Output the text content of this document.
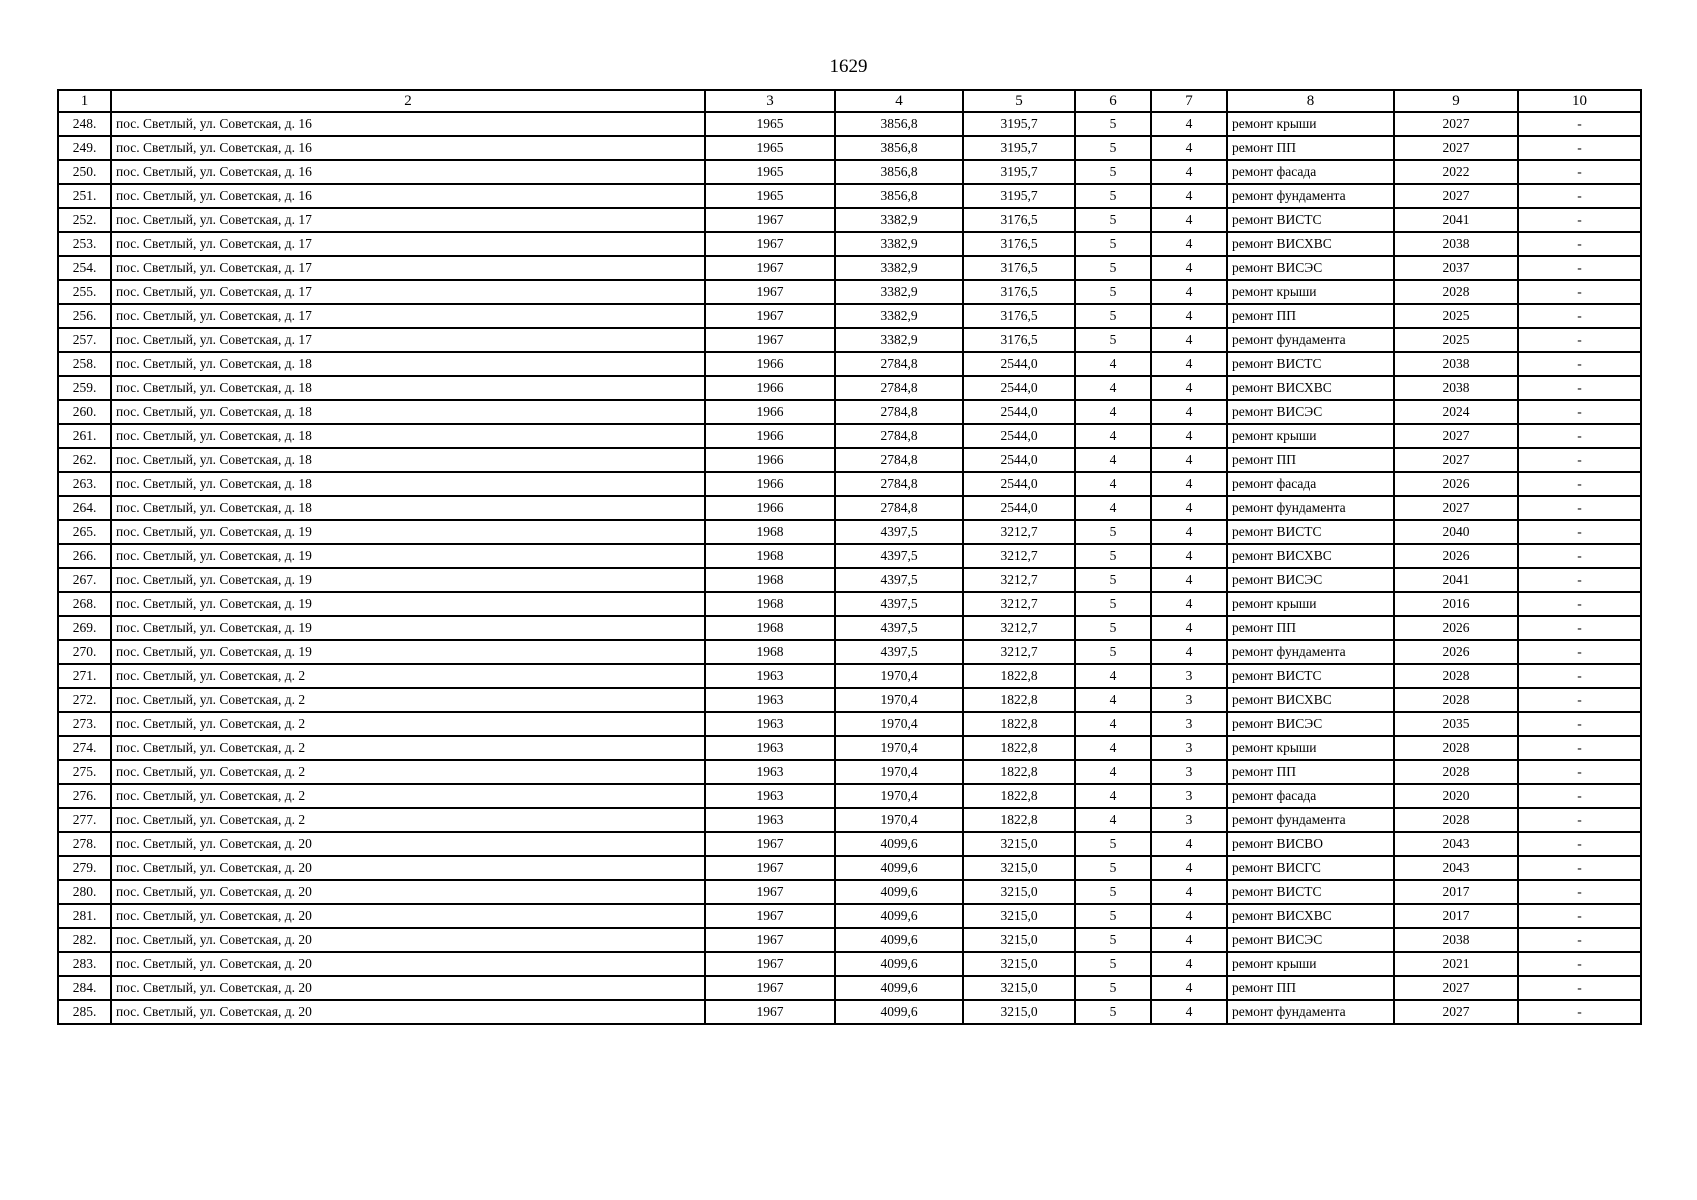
1629
1	2	3	4	5	6	7	8	9	10
248.	пос. Светлый, ул. Советская, д. 16	1965	3856,8	3195,7	5	4	ремонт крыши	2027	-
249.	пос. Светлый, ул. Советская, д. 16	1965	3856,8	3195,7	5	4	ремонт ПП	2027	-
250.	пос. Светлый, ул. Советская, д. 16	1965	3856,8	3195,7	5	4	ремонт фасада	2022	-
251.	пос. Светлый, ул. Советская, д. 16	1965	3856,8	3195,7	5	4	ремонт фундамента	2027	-
252.	пос. Светлый, ул. Советская, д. 17	1967	3382,9	3176,5	5	4	ремонт ВИСТС	2041	-
253.	пос. Светлый, ул. Советская, д. 17	1967	3382,9	3176,5	5	4	ремонт ВИСХВС	2038	-
254.	пос. Светлый, ул. Советская, д. 17	1967	3382,9	3176,5	5	4	ремонт ВИСЭС	2037	-
255.	пос. Светлый, ул. Советская, д. 17	1967	3382,9	3176,5	5	4	ремонт крыши	2028	-
256.	пос. Светлый, ул. Советская, д. 17	1967	3382,9	3176,5	5	4	ремонт ПП	2025	-
257.	пос. Светлый, ул. Советская, д. 17	1967	3382,9	3176,5	5	4	ремонт фундамента	2025	-
258.	пос. Светлый, ул. Советская, д. 18	1966	2784,8	2544,0	4	4	ремонт ВИСТС	2038	-
259.	пос. Светлый, ул. Советская, д. 18	1966	2784,8	2544,0	4	4	ремонт ВИСХВС	2038	-
260.	пос. Светлый, ул. Советская, д. 18	1966	2784,8	2544,0	4	4	ремонт ВИСЭС	2024	-
261.	пос. Светлый, ул. Советская, д. 18	1966	2784,8	2544,0	4	4	ремонт крыши	2027	-
262.	пос. Светлый, ул. Советская, д. 18	1966	2784,8	2544,0	4	4	ремонт ПП	2027	-
263.	пос. Светлый, ул. Советская, д. 18	1966	2784,8	2544,0	4	4	ремонт фасада	2026	-
264.	пос. Светлый, ул. Советская, д. 18	1966	2784,8	2544,0	4	4	ремонт фундамента	2027	-
265.	пос. Светлый, ул. Советская, д. 19	1968	4397,5	3212,7	5	4	ремонт ВИСТС	2040	-
266.	пос. Светлый, ул. Советская, д. 19	1968	4397,5	3212,7	5	4	ремонт ВИСХВС	2026	-
267.	пос. Светлый, ул. Советская, д. 19	1968	4397,5	3212,7	5	4	ремонт ВИСЭС	2041	-
268.	пос. Светлый, ул. Советская, д. 19	1968	4397,5	3212,7	5	4	ремонт крыши	2016	-
269.	пос. Светлый, ул. Советская, д. 19	1968	4397,5	3212,7	5	4	ремонт ПП	2026	-
270.	пос. Светлый, ул. Советская, д. 19	1968	4397,5	3212,7	5	4	ремонт фундамента	2026	-
271.	пос. Светлый, ул. Советская, д. 2	1963	1970,4	1822,8	4	3	ремонт ВИСТС	2028	-
272.	пос. Светлый, ул. Советская, д. 2	1963	1970,4	1822,8	4	3	ремонт ВИСХВС	2028	-
273.	пос. Светлый, ул. Советская, д. 2	1963	1970,4	1822,8	4	3	ремонт ВИСЭС	2035	-
274.	пос. Светлый, ул. Советская, д. 2	1963	1970,4	1822,8	4	3	ремонт крыши	2028	-
275.	пос. Светлый, ул. Советская, д. 2	1963	1970,4	1822,8	4	3	ремонт ПП	2028	-
276.	пос. Светлый, ул. Советская, д. 2	1963	1970,4	1822,8	4	3	ремонт фасада	2020	-
277.	пос. Светлый, ул. Советская, д. 2	1963	1970,4	1822,8	4	3	ремонт фундамента	2028	-
278.	пос. Светлый, ул. Советская, д. 20	1967	4099,6	3215,0	5	4	ремонт ВИСВО	2043	-
279.	пос. Светлый, ул. Советская, д. 20	1967	4099,6	3215,0	5	4	ремонт ВИСГС	2043	-
280.	пос. Светлый, ул. Советская, д. 20	1967	4099,6	3215,0	5	4	ремонт ВИСТС	2017	-
281.	пос. Светлый, ул. Советская, д. 20	1967	4099,6	3215,0	5	4	ремонт ВИСХВС	2017	-
282.	пос. Светлый, ул. Советская, д. 20	1967	4099,6	3215,0	5	4	ремонт ВИСЭС	2038	-
283.	пос. Светлый, ул. Советская, д. 20	1967	4099,6	3215,0	5	4	ремонт крыши	2021	-
284.	пос. Светлый, ул. Советская, д. 20	1967	4099,6	3215,0	5	4	ремонт ПП	2027	-
285.	пос. Светлый, ул. Советская, д. 20	1967	4099,6	3215,0	5	4	ремонт фундамента	2027	-
